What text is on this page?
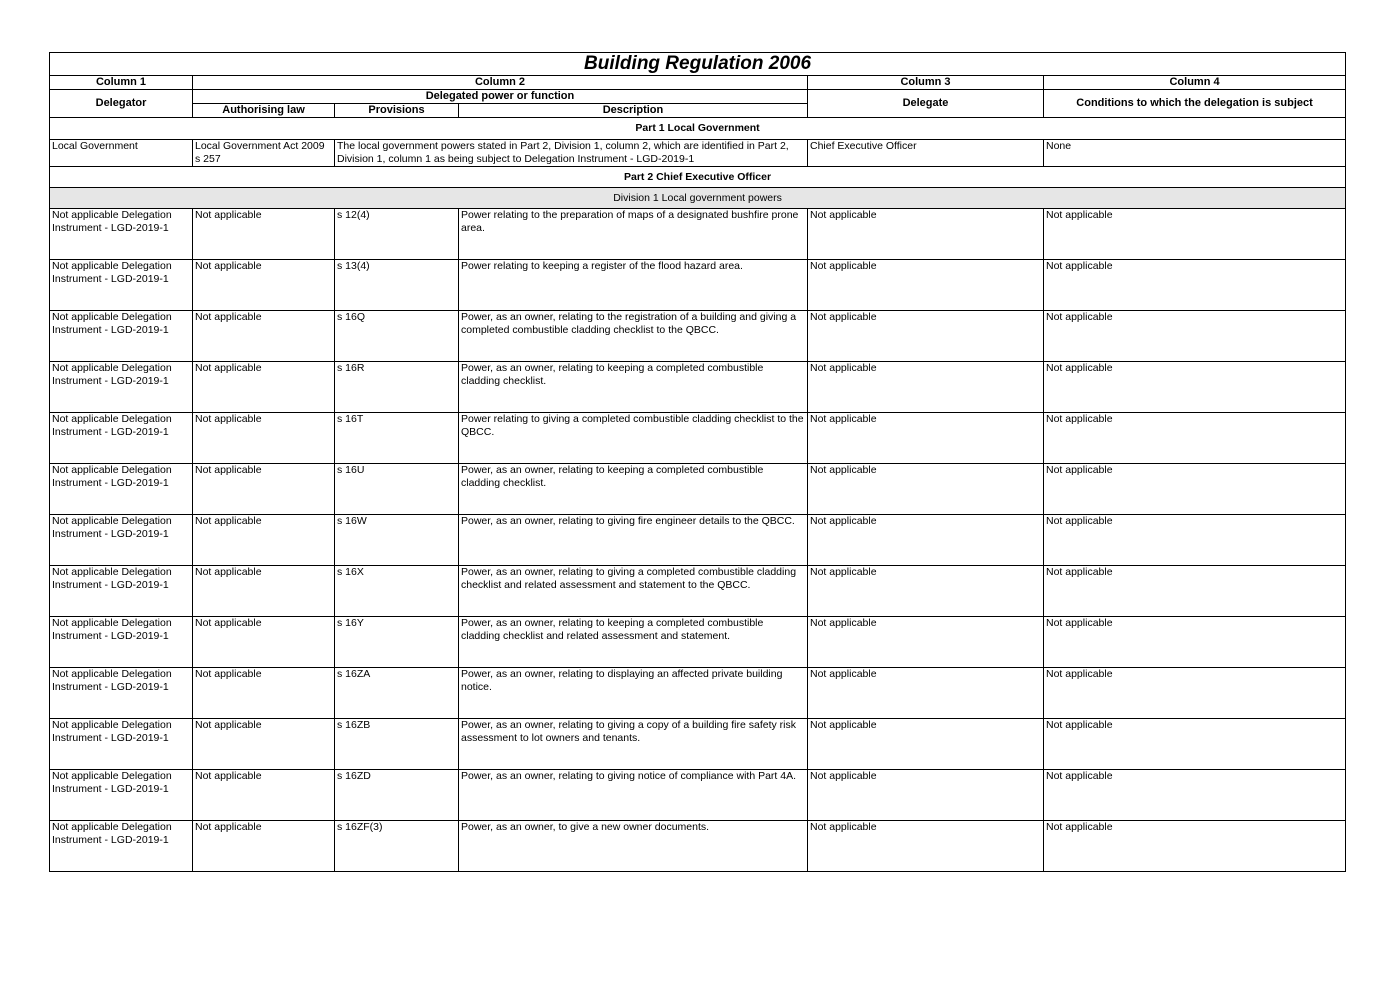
Building Regulation 2006					
Column 1	Column 2			Column 3	Column 4
Delegator	Delegated power or function			Delegate	Conditions to which the delegation is subject
	Authorising law	Provisions	Description		
Part 1 Local Government					
Local Government	Local Government Act 2009 s 257	The local government powers stated in Part 2, Division 1, column 2, which are identified in Part 2, Division 1, column 1 as being subject to Delegation Instrument - LGD-2019-1		Chief Executive Officer	None
Part 2 Chief Executive Officer					
Division 1 Local government powers					
Not applicable Delegation Instrument - LGD-2019-1	Not applicable	s 12(4)	Power relating to the preparation of maps of a designated bushfire prone area.	Not applicable	Not applicable
Not applicable Delegation Instrument - LGD-2019-1	Not applicable	s 13(4)	Power relating to keeping a register of the flood hazard area.	Not applicable	Not applicable
Not applicable Delegation Instrument - LGD-2019-1	Not applicable	s 16Q	Power, as an owner, relating to the registration of a building and giving a completed combustible cladding checklist to the QBCC.	Not applicable	Not applicable
Not applicable Delegation Instrument - LGD-2019-1	Not applicable	s 16R	Power, as an owner, relating to keeping a completed combustible cladding checklist.	Not applicable	Not applicable
Not applicable Delegation Instrument - LGD-2019-1	Not applicable	s 16T	Power relating to giving a completed combustible cladding checklist to the QBCC.	Not applicable	Not applicable
Not applicable Delegation Instrument - LGD-2019-1	Not applicable	s 16U	Power, as an owner, relating to keeping a completed combustible cladding checklist.	Not applicable	Not applicable
Not applicable Delegation Instrument - LGD-2019-1	Not applicable	s 16W	Power, as an owner, relating to giving fire engineer details to the QBCC.	Not applicable	Not applicable
Not applicable Delegation Instrument - LGD-2019-1	Not applicable	s 16X	Power, as an owner, relating to giving a completed combustible cladding checklist and related assessment and statement to the QBCC.	Not applicable	Not applicable
Not applicable Delegation Instrument - LGD-2019-1	Not applicable	s 16Y	Power, as an owner, relating to keeping a completed combustible cladding checklist and related assessment and statement.	Not applicable	Not applicable
Not applicable Delegation Instrument - LGD-2019-1	Not applicable	s 16ZA	Power, as an owner, relating to displaying an affected private building notice.	Not applicable	Not applicable
Not applicable Delegation Instrument - LGD-2019-1	Not applicable	s 16ZB	Power, as an owner, relating to giving a copy of a building fire safety risk assessment to lot owners and tenants.	Not applicable	Not applicable
Not applicable Delegation Instrument - LGD-2019-1	Not applicable	s 16ZD	Power, as an owner, relating to giving notice of compliance with Part 4A.	Not applicable	Not applicable
Not applicable Delegation Instrument - LGD-2019-1	Not applicable	s 16ZF(3)	Power, as an owner, to give a new owner documents.	Not applicable	Not applicable
